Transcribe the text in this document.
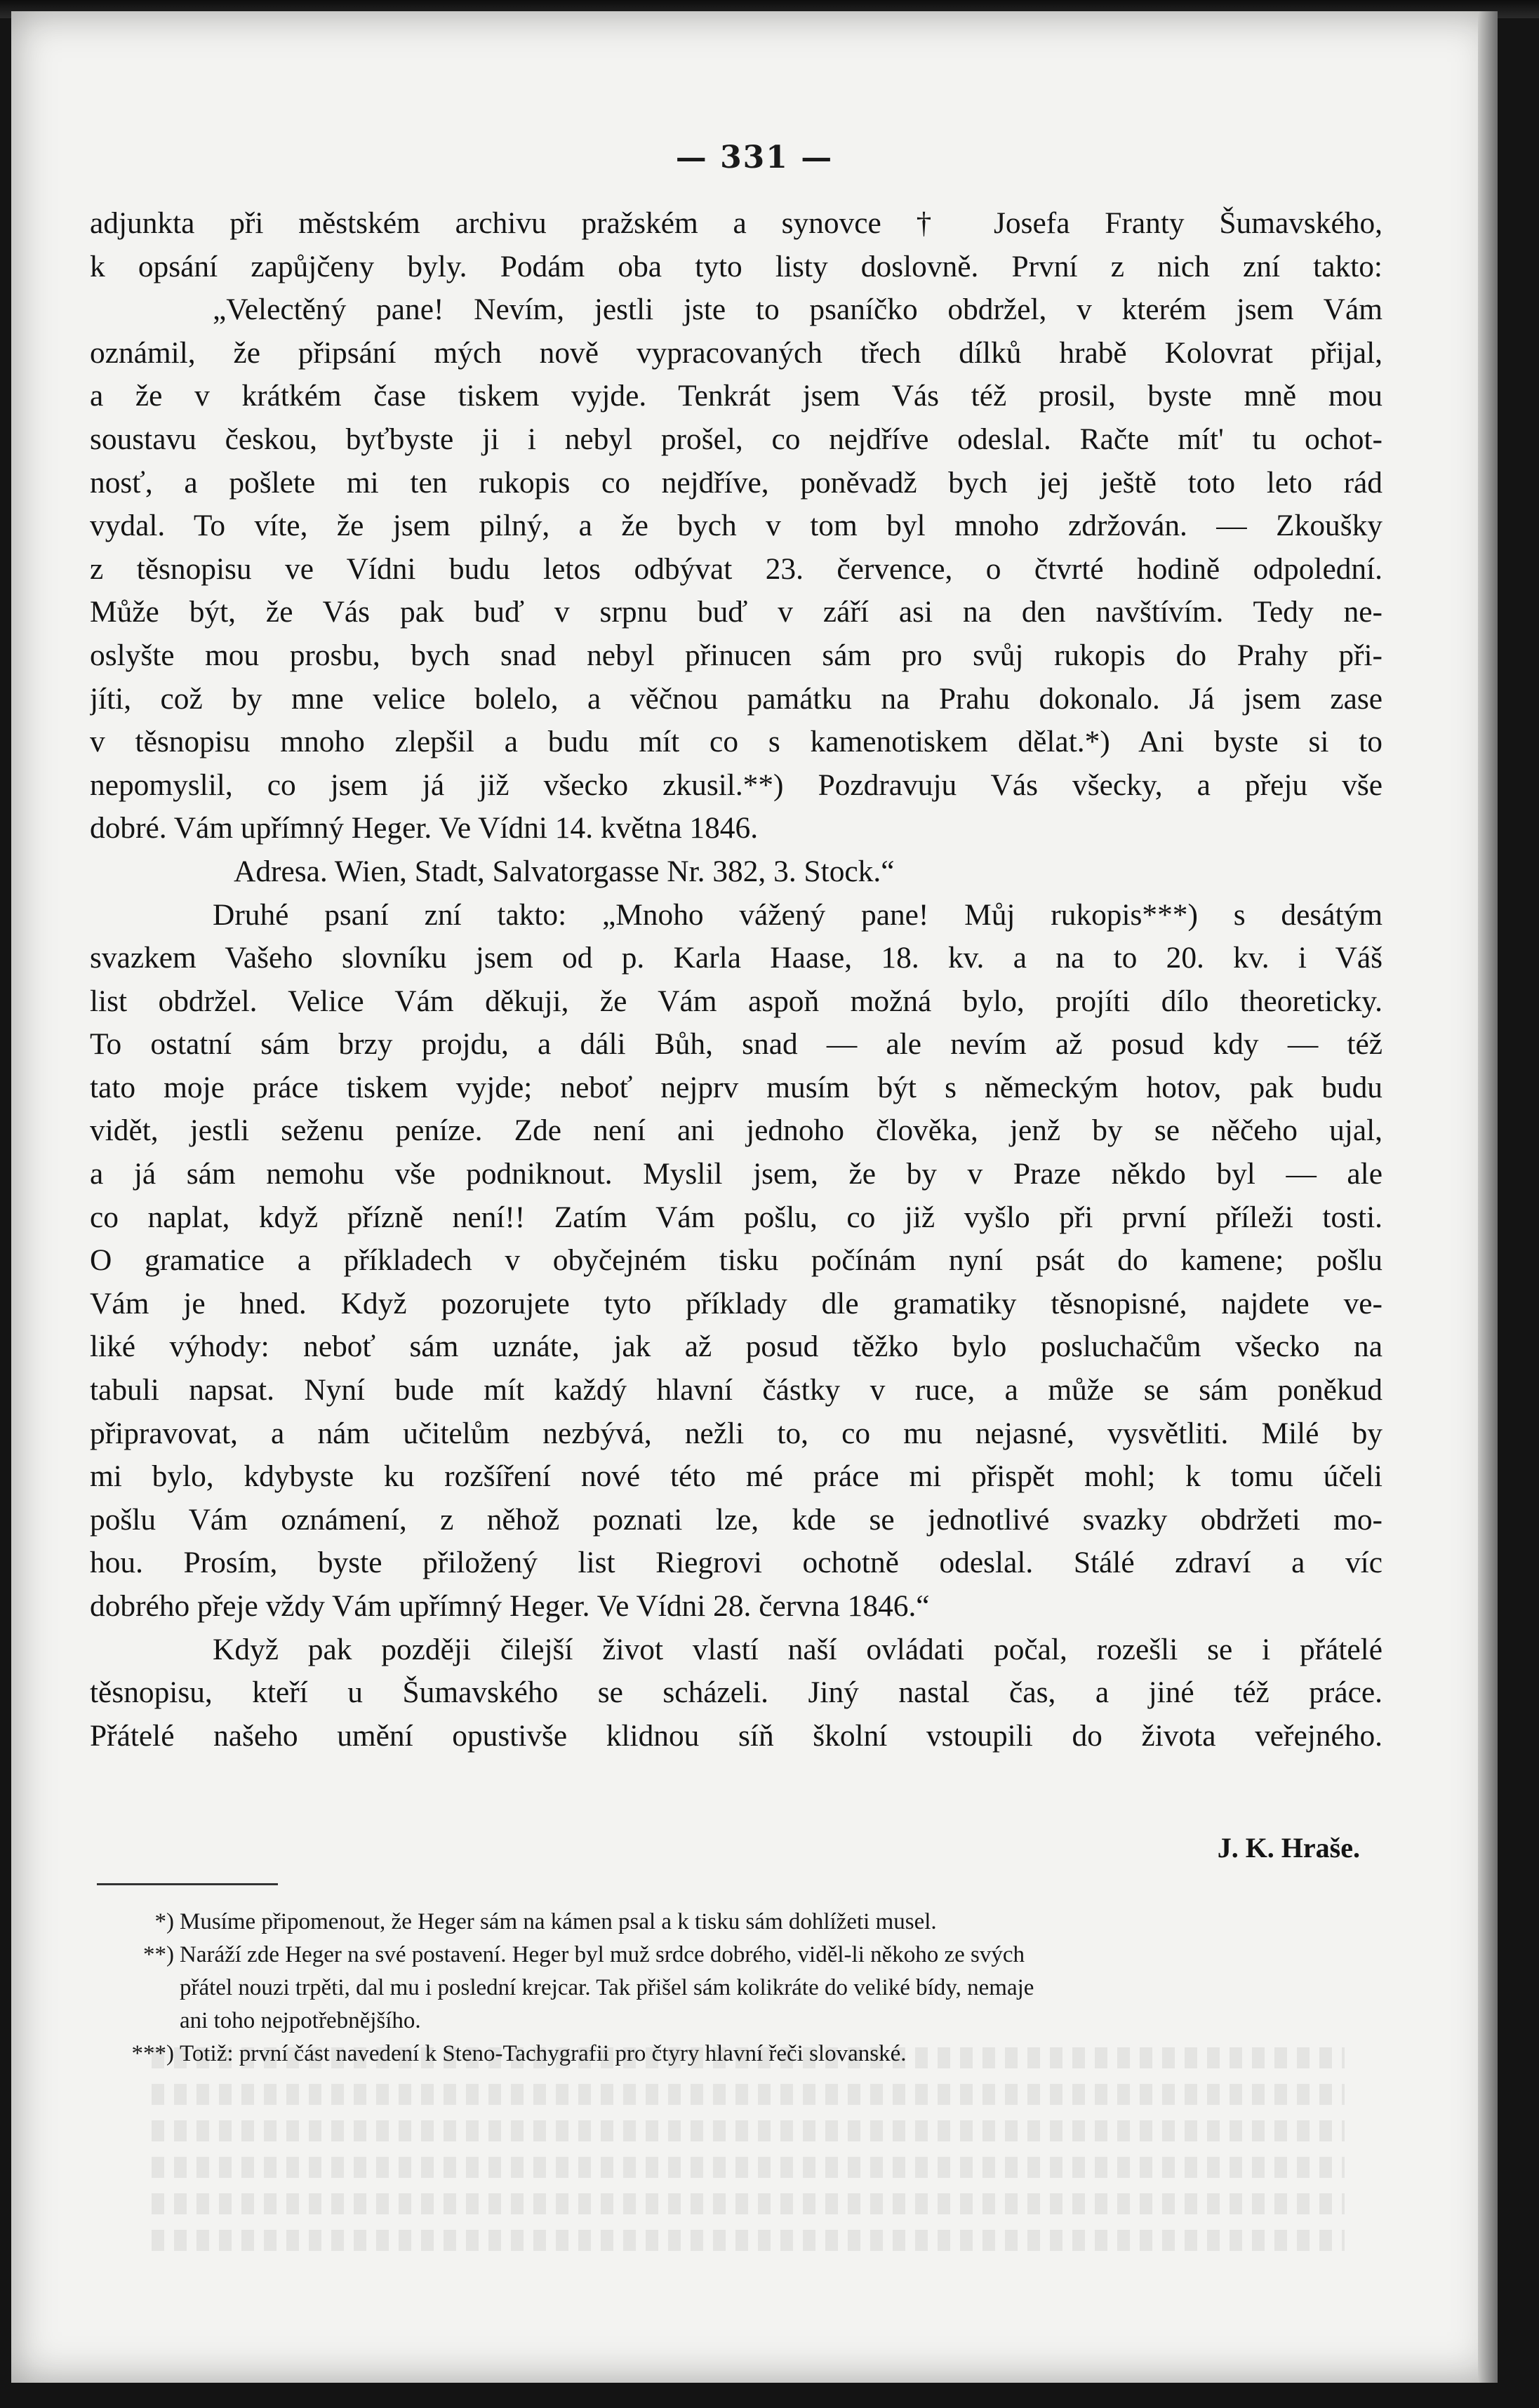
— 331 —
adjunkta při městském archivu pražském a synovce † Josefa Franty Šumavského,
k opsání zapůjčeny byly. Podám oba tyto listy doslovně. První z nich zní takto:
„Velectěný pane! Nevím, jestli jste to psaníčko obdržel, v kterém jsem Vám
oznámil, že připsání mých nově vypracovaných třech dílků hrabě Kolovrat přijal,
a že v krátkém čase tiskem vyjde. Tenkrát jsem Vás též prosil, byste mně mou
soustavu českou, byťbyste ji i nebyl prošel, co nejdříve odeslal. Račte mít' tu ochot-
nosť, a pošlete mi ten rukopis co nejdříve, poněvadž bych jej ještě toto leto rád
vydal. To víte, že jsem pilný, a že bych v tom byl mnoho zdržován. — Zkoušky
z těsnopisu ve Vídni budu letos odbývat 23. července, o čtvrté hodině odpolední.
Může být, že Vás pak buď v srpnu buď v září asi na den navštívím. Tedy ne-
oslyšte mou prosbu, bych snad nebyl přinucen sám pro svůj rukopis do Prahy při-
jíti, což by mne velice bolelo, a věčnou památku na Prahu dokonalo. Já jsem zase
v těsnopisu mnoho zlepšil a budu mít co s kamenotiskem dělat.*) Ani byste si to
nepomyslil, co jsem já již všecko zkusil.**) Pozdravuju Vás všecky, a přeju vše
dobré. Vám upřímný Heger. Ve Vídni 14. května 1846.
Adresa. Wien, Stadt, Salvatorgasse Nr. 382, 3. Stock.“
Druhé psaní zní takto: „Mnoho vážený pane! Můj rukopis***) s desátým
svazkem Vašeho slovníku jsem od p. Karla Haase, 18. kv. a na to 20. kv. i Váš
list obdržel. Velice Vám děkuji, že Vám aspoň možná bylo, projíti dílo theoreticky.
To ostatní sám brzy projdu, a dáli Bůh, snad — ale nevím až posud kdy — též
tato moje práce tiskem vyjde; neboť nejprv musím být s německým hotov, pak budu
vidět, jestli seženu peníze. Zde není ani jednoho člověka, jenž by se něčeho ujal,
a já sám nemohu vše podniknout. Myslil jsem, že by v Praze někdo byl — ale
co naplat, když přízně není!! Zatím Vám pošlu, co již vyšlo při první příleži tosti.
O gramatice a příkladech v obyčejném tisku počínám nyní psát do kamene; pošlu
Vám je hned. Když pozorujete tyto příklady dle gramatiky těsnopisné, najdete ve-
liké výhody: neboť sám uznáte, jak až posud těžko bylo posluchačům všecko na
tabuli napsat. Nyní bude mít každý hlavní částky v ruce, a může se sám poněkud
připravovat, a nám učitelům nezbývá, nežli to, co mu nejasné, vysvětliti. Milé by
mi bylo, kdybyste ku rozšíření nové této mé práce mi přispět mohl; k tomu účeli
pošlu Vám oznámení, z něhož poznati lze, kde se jednotlivé svazky obdržeti mo-
hou. Prosím, byste přiložený list Riegrovi ochotně odeslal. Stálé zdraví a víc
dobrého přeje vždy Vám upřímný Heger. Ve Vídni 28. června 1846.“
Když pak později čilejší život vlastí naší ovládati počal, rozešli se i přátelé
těsnopisu, kteří u Šumavského se scházeli. Jiný nastal čas, a jiné též práce.
Přátelé našeho umění opustivše klidnou síň školní vstoupili do života veřejného.
J. K. Hraše.
*) Musíme připomenout, že Heger sám na kámen psal a k tisku sám dohlížeti musel.
**) Naráží zde Heger na své postavení. Heger byl muž srdce dobrého, viděl-li někoho ze svých
přátel nouzi trpěti, dal mu i poslední krejcar. Tak přišel sám kolikráte do veliké bídy, nemaje
ani toho nejpotřebnějšího.
***) Totiž: první část navedení k Steno-Tachygrafii pro čtyry hlavní řeči slovanské.
